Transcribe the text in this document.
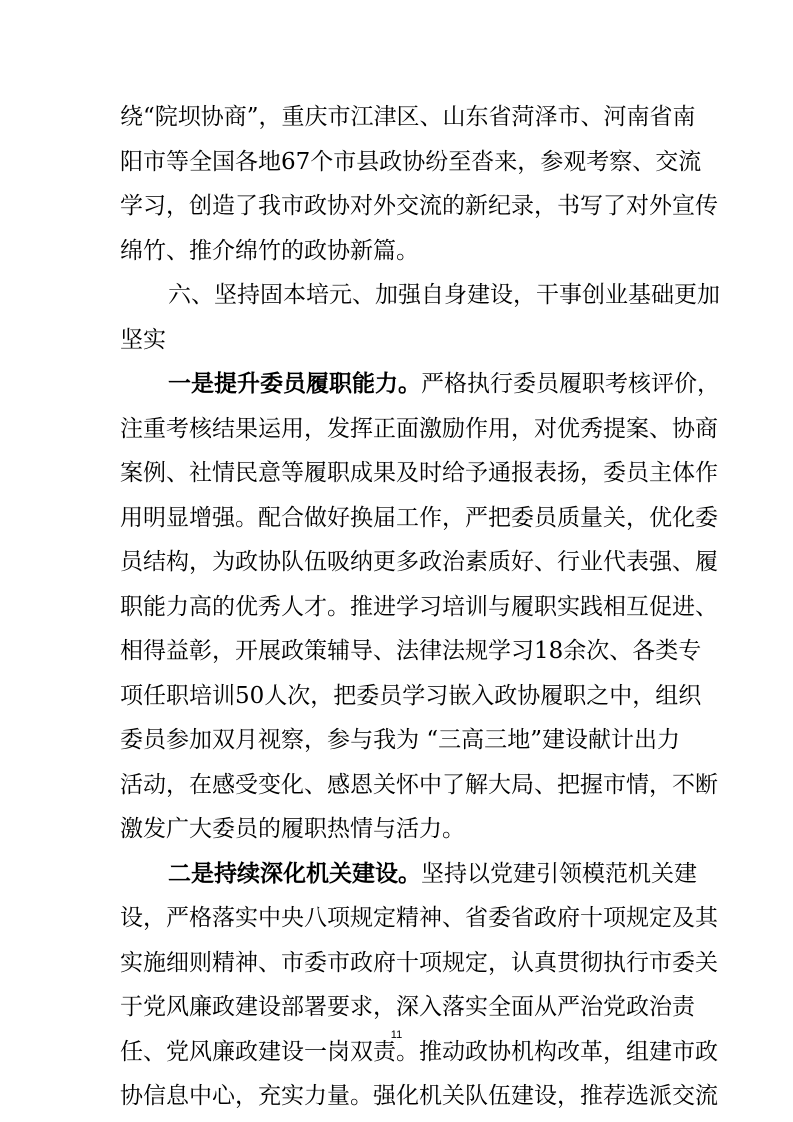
绕“院坝协商”，重庆市江津区、山东省菏泽市、河南省南
阳市等全国各地67个市县政协纷至沓来，参观考察、交流
学习，创造了我市政协对外交流的新纪录，书写了对外宣传
绵竹、推介绵竹的政协新篇。
六、坚持固本培元、加强自身建设，干事创业基础更加
坚实
一是提升委员履职能力。严格执行委员履职考核评价，
注重考核结果运用，发挥正面激励作用，对优秀提案、协商
案例、社情民意等履职成果及时给予通报表扬，委员主体作
用明显增强。配合做好换届工作，严把委员质量关，优化委
员结构，为政协队伍吸纳更多政治素质好、行业代表强、履
职能力高的优秀人才。推进学习培训与履职实践相互促进、
相得益彰，开展政策辅导、法律法规学习18余次、各类专
项任职培训50人次，把委员学习嵌入政协履职之中，组织
委员参加双月视察，参与我为 “三高三地”建设献计出力
活动，在感受变化、感恩关怀中了解大局、把握市情，不断
激发广大委员的履职热情与活力。
二是持续深化机关建设。坚持以党建引领模范机关建
设，严格落实中央八项规定精神、省委省政府十项规定及其
实施细则精神、市委市政府十项规定，认真贯彻执行市委关
于党风廉政建设部署要求，深入落实全面从严治党政治责
任、党风廉政建设一岗双责。推动政协机构改革，组建市政
协信息中心，充实力量。强化机关队伍建设，推荐选派交流
11
